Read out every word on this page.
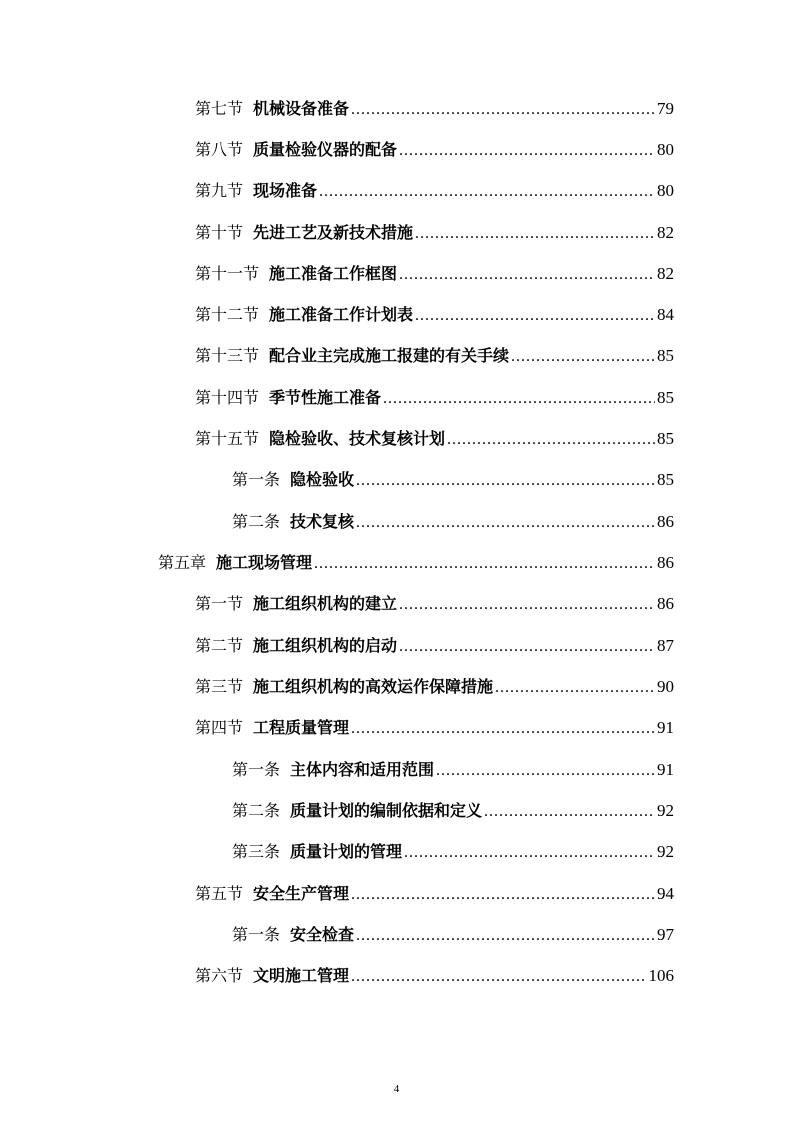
第七节 机械设备准备 .....	79
第八节 质量检验仪器的配备 .....	80
第九节 现场准备 .....	80
第十节 先进工艺及新技术措施 .....	82
第十一节 施工准备工作框图 .....	82
第十二节 施工准备工作计划表 .....	84
第十三节 配合业主完成施工报建的有关手续 .....	85
第十四节 季节性施工准备 .....	85
第十五节 隐检验收、技术复核计划 .....	85
第一条 隐检验收 .....	85
第二条 技术复核 .....	86
第五章 施工现场管理 .....	86
第一节 施工组织机构的建立 .....	86
第二节 施工组织机构的启动 .....	87
第三节 施工组织机构的高效运作保障措施 .....	90
第四节 工程质量管理 .....	91
第一条 主体内容和适用范围 .....	91
第二条 质量计划的编制依据和定义 .....	92
第三条 质量计划的管理 .....	92
第五节 安全生产管理 .....	94
第一条 安全检查 .....	97
第六节 文明施工管理 .....	106
4
